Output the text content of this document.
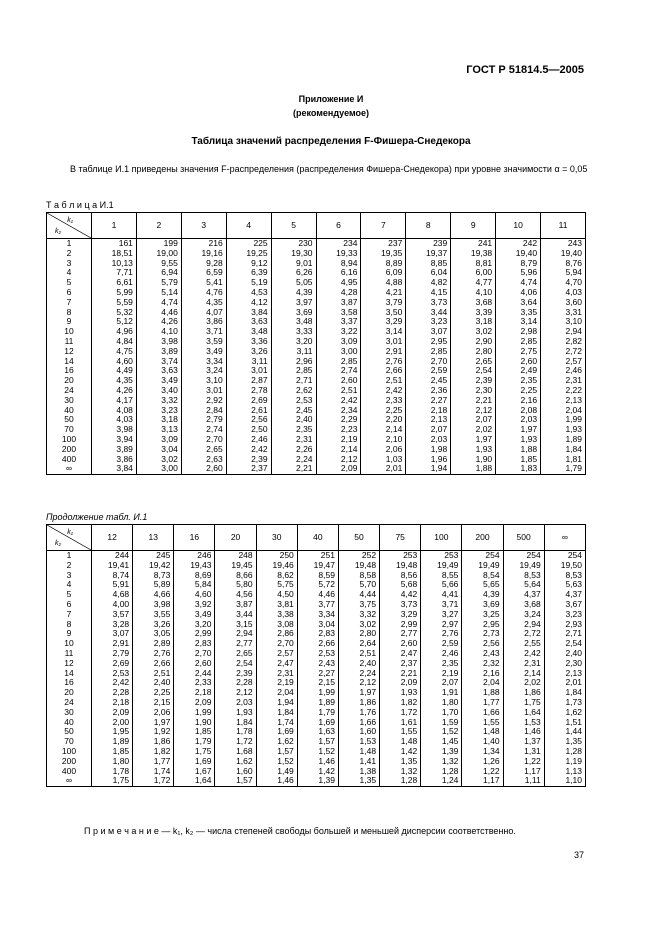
ГОСТ Р 51814.5—2005
Приложение И
(рекомендуемое)
Таблица значений распределения F-Фишера-Снедекора

В таблице И.1 приведены значения F-распределения (распределения Фишера-Снедекора) при уровне значимости α = 0,05

Т а б л и ц а И.1
k₁
k₂	1	2	3	4	5	6	7	8	9	10	11
1	161	199	216	225	230	234	237	239	241	242	243
2	18,51	19,00	19,16	19,25	19,30	19,33	19,35	19,37	19,38	19,40	19,40
3	10,13	9,55	9,28	9,12	9,01	8,94	8,89	8,85	8,81	8,79	8,76
4	7,71	6,94	6,59	6,39	6,26	6,16	6,09	6,04	6,00	5,96	5,94
5	6,61	5,79	5,41	5,19	5,05	4,95	4,88	4,82	4,77	4,74	4,70
6	5,99	5,14	4,76	4,53	4,39	4,28	4,21	4,15	4,10	4,06	4,03
7	5,59	4,74	4,35	4,12	3,97	3,87	3,79	3,73	3,68	3,64	3,60
8	5,32	4,46	4,07	3,84	3,69	3,58	3,50	3,44	3,39	3,35	3,31
9	5,12	4,26	3,86	3,63	3,48	3,37	3,29	3,23	3,18	3,14	3,10
10	4,96	4,10	3,71	3,48	3,33	3,22	3,14	3,07	3,02	2,98	2,94
11	4,84	3,98	3,59	3,36	3,20	3,09	3,01	2,95	2,90	2,85	2,82
12	4,75	3,89	3,49	3,26	3,11	3,00	2,91	2,85	2,80	2,75	2,72
14	4,60	3,74	3,34	3,11	2,96	2,85	2,76	2,70	2,65	2,60	2,57
16	4,49	3,63	3,24	3,01	2,85	2,74	2,66	2,59	2,54	2,49	2,46
20	4,35	3,49	3,10	2,87	2,71	2,60	2,51	2,45	2,39	2,35	2,31
24	4,26	3,40	3,01	2,78	2,62	2,51	2,42	2,36	2,30	2,25	2,22
30	4,17	3,32	2,92	2,69	2,53	2,42	2,33	2,27	2,21	2,16	2,13
40	4,08	3,23	2,84	2,61	2,45	2,34	2,25	2,18	2,12	2,08	2,04
50	4,03	3,18	2,79	2,56	2,40	2,29	2,20	2,13	2,07	2,03	1,99
70	3,98	3,13	2,74	2,50	2,35	2,23	2,14	2,07	2,02	1,97	1,93
100	3,94	3,09	2,70	2,46	2,31	2,19	2,10	2,03	1,97	1,93	1,89
200	3,89	3,04	2,65	2,42	2,26	2,14	2,06	1,98	1,93	1,88	1,84
400	3,86	3,02	2,63	2,39	2,24	2,12	1,03	1,96	1,90	1,85	1,81
∞	3,84	3,00	2,60	2,37	2,21	2,09	2,01	1,94	1,88	1,83	1,79
Продолжение табл. И.1
k₁
k₂	12	13	16	20	30	40	50	75	100	200	500	∞
1	244	245	246	248	250	251	252	253	253	254	254	254
2	19,41	19,42	19,43	19,45	19,46	19,47	19,48	19,48	19,49	19,49	19,49	19,50
3	8,74	8,73	8,69	8,66	8,62	8,59	8,58	8,56	8,55	8,54	8,53	8,53
4	5,91	5,89	5,84	5,80	5,75	5,72	5,70	5,68	5,66	5,65	5,64	5,63
5	4,68	4,66	4,60	4,56	4,50	4,46	4,44	4,42	4,41	4,39	4,37	4,37
6	4,00	3,98	3,92	3,87	3,81	3,77	3,75	3,73	3,71	3,69	3,68	3,67
7	3,57	3,55	3,49	3,44	3,38	3,34	3,32	3,29	3,27	3,25	3,24	3,23
8	3,28	3,26	3,20	3,15	3,08	3,04	3,02	2,99	2,97	2,95	2,94	2,93
9	3,07	3,05	2,99	2,94	2,86	2,83	2,80	2,77	2,76	2,73	2,72	2,71
10	2,91	2,89	2,83	2,77	2,70	2,66	2,64	2,60	2,59	2,56	2,55	2,54
11	2,79	2,76	2,70	2,65	2,57	2,53	2,51	2,47	2,46	2,43	2,42	2,40
12	2,69	2,66	2,60	2,54	2,47	2,43	2,40	2,37	2,35	2,32	2,31	2,30
14	2,53	2,51	2,44	2,39	2,31	2,27	2,24	2,21	2,19	2,16	2,14	2,13
16	2,42	2,40	2,33	2,28	2,19	2,15	2,12	2,09	2,07	2,04	2,02	2,01
20	2,28	2,25	2,18	2,12	2,04	1,99	1,97	1,93	1,91	1,88	1,86	1,84
24	2,18	2,15	2,09	2,03	1,94	1,89	1,86	1,82	1,80	1,77	1,75	1,73
30	2,09	2,06	1,99	1,93	1,84	1,79	1,76	1,72	1,70	1,66	1,64	1,62
40	2,00	1,97	1,90	1,84	1,74	1,69	1,66	1,61	1,59	1,55	1,53	1,51
50	1,95	1,92	1,85	1,78	1,69	1,63	1,60	1,55	1,52	1,48	1,46	1,44
70	1,89	1,86	1,79	1,72	1,62	1,57	1,53	1,48	1,45	1,40	1,37	1,35
100	1,85	1,82	1,75	1,68	1,57	1,52	1,48	1,42	1,39	1,34	1,31	1,28
200	1,80	1,77	1,69	1,62	1,52	1,46	1,41	1,35	1,32	1,26	1,22	1,19
400	1,78	1,74	1,67	1,60	1,49	1,42	1,38	1,32	1,28	1,22	1,17	1,13
∞	1,75	1,72	1,64	1,57	1,46	1,39	1,35	1,28	1,24	1,17	1,11	1,10
П р и м е ч а н и е — k₁, k₂ — числа степеней свободы большей и меньшей дисперсии соответственно.
37
